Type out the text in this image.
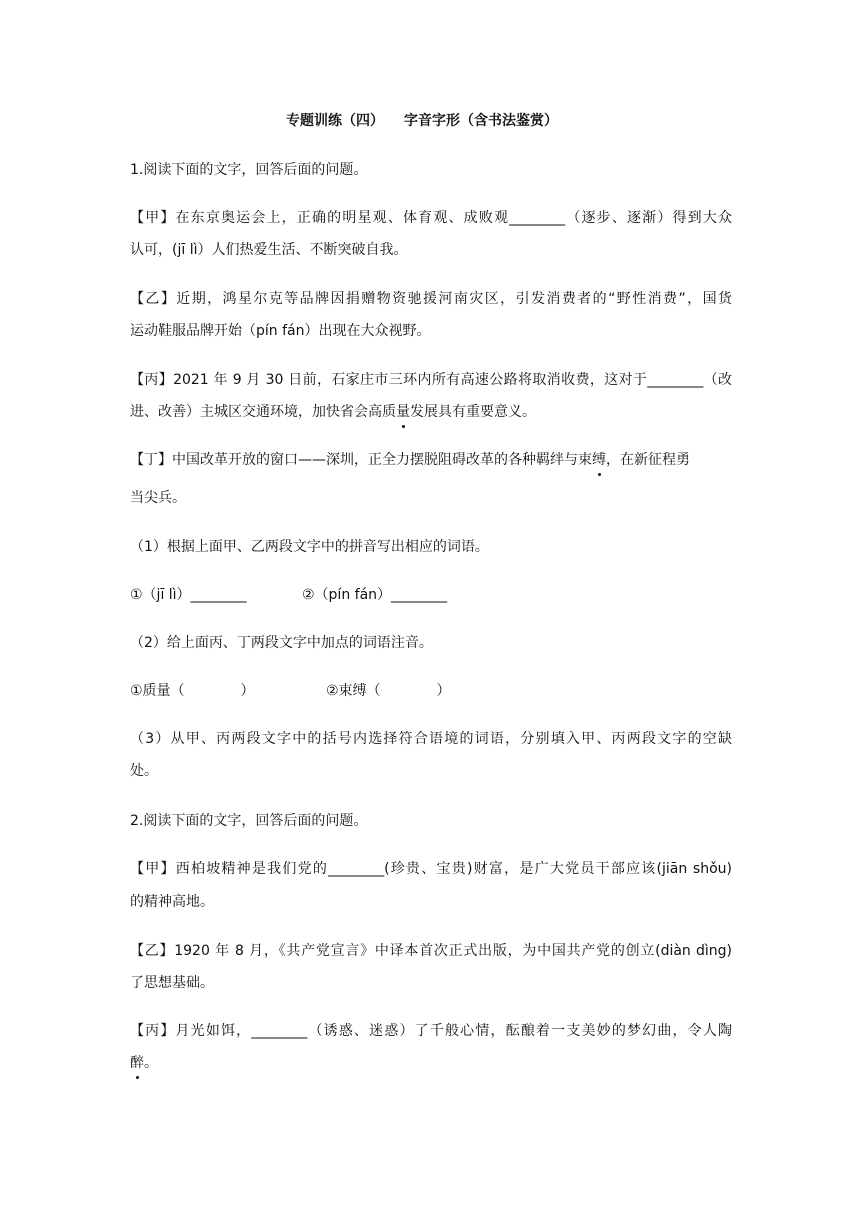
专题训练（四） 字音字形（含书法鉴赏）
1.阅读下面的文字，回答后面的问题。
【甲】在东京奥运会上，正确的明星观、体育观、成败观________（逐步、逐渐）得到大众
认可，(jī lì）人们热爱生活、不断突破自我。
【乙】近期，鸿星尔克等品牌因捐赠物资驰援河南灾区，引发消费者的“野性消费”，国货
运动鞋服品牌开始（pín fán）出现在大众视野。
【丙】2021 年 9 月 30 日前，石家庄市三环内所有高速公路将取消收费，这对于________（改
进、改善）主城区交通环境，加快省会高质量发展具有重要意义。
【丁】中国改革开放的窗口——深圳，正全力摆脱阻碍改革的各种羁绊与束缚，在新征程勇
当尖兵。
（1）根据上面甲、乙两段文字中的拼音写出相应的词语。
①（jī lì）________	②（pín fán）________
（2）给上面丙、丁两段文字中加点的词语注音。
①质量（　　　　）	②束缚（　　　　）
（3）从甲、丙两段文字中的括号内选择符合语境的词语，分别填入甲、丙两段文字的空缺
处。
2.阅读下面的文字，回答后面的问题。
【甲】西柏坡精神是我们党的________(珍贵、宝贵)财富，是广大党员干部应该(jiān shǒu)
的精神高地。
【乙】1920 年 8 月，《共产党宣言》中译本首次正式出版，为中国共产党的创立(diàn dìng)
了思想基础。
【丙】月光如饵，________（诱惑、迷惑）了千般心情，酝酿着一支美妙的梦幻曲，令人陶
醉。
